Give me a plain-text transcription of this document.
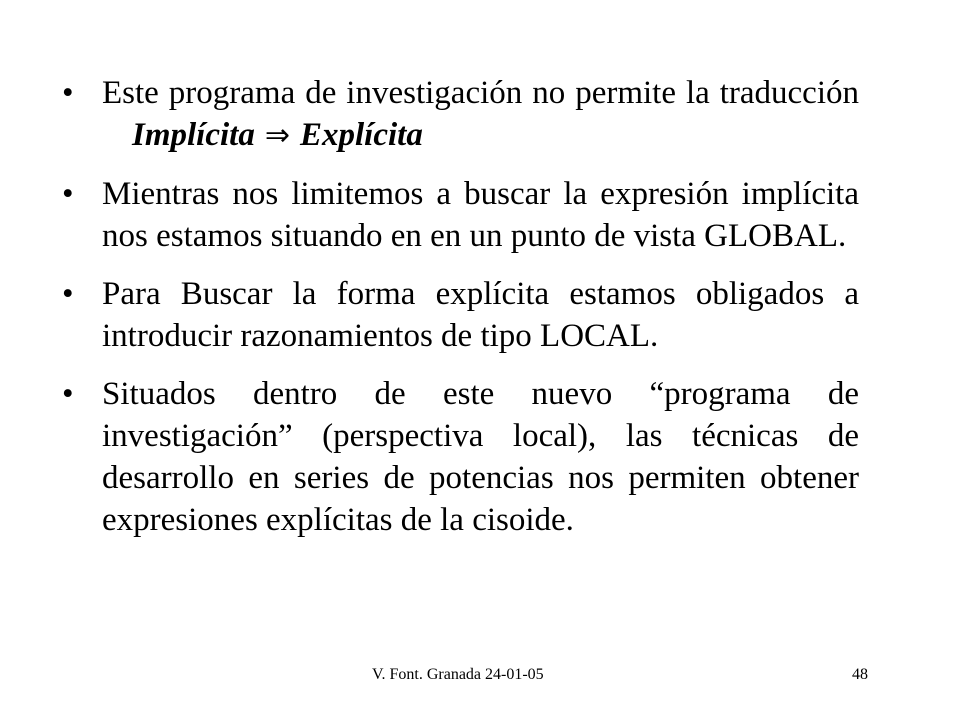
• Este programa de investigación no permite la traducciónImplícita ⇒ Explícita
• Mientras nos limitemos a buscar la expresión implícita nos estamos situando en en un punto de vista GLOBAL.
• Para Buscar la forma explícita estamos obligados a introducir razonamientos de tipo LOCAL.
• Situados dentro de este nuevo “programa de investigación” (perspectiva local), las técnicas de desarrollo en series de potencias nos permiten obtener expresiones explícitas de la cisoide.
V. Font. Granada 24-01-05	48
